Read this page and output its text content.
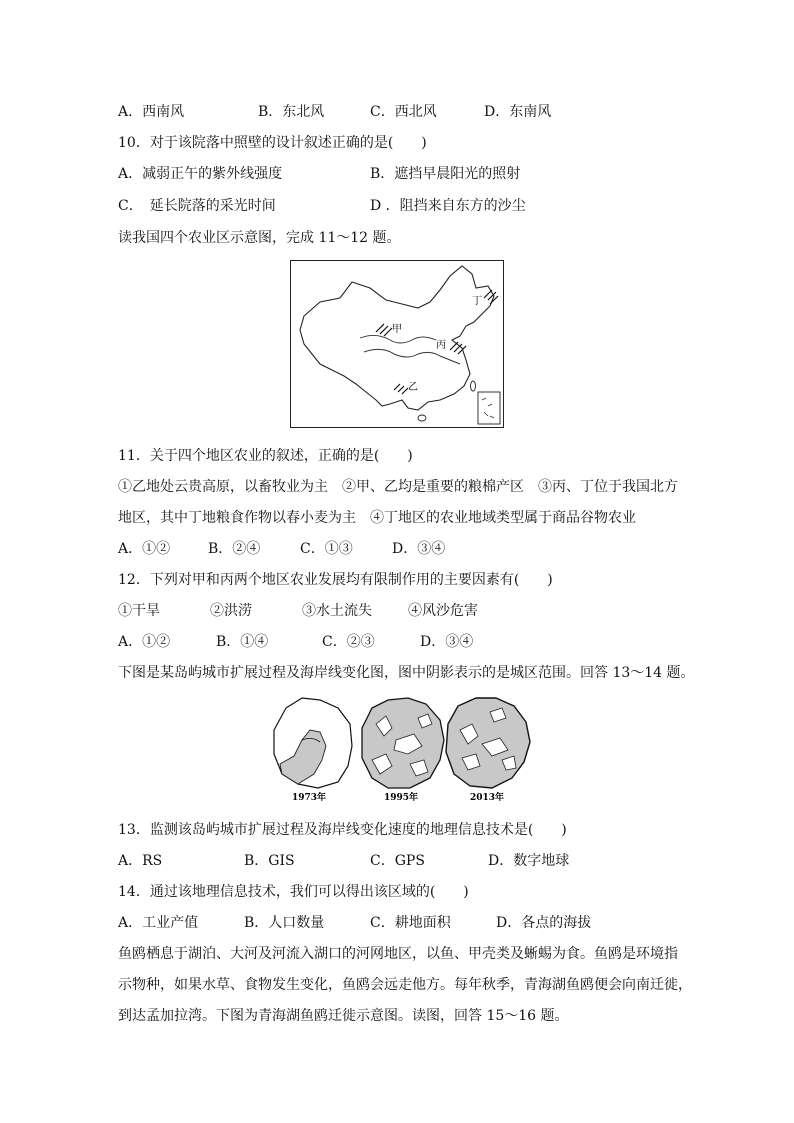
A．西南风	B．东北风	C．西北风	D．东南风
10．对于该院落中照壁的设计叙述正确的是(　　)
A．减弱正午的紫外线强度	B．遮挡早晨阳光的照射
C．　延长院落的采光时间	D ．阻挡来自东方的沙尘
读我国四个农业区示意图，完成 11～12 题。
甲
乙
丙
丁
11．关于四个地区农业的叙述，正确的是(　　)
①乙地处云贵高原，以畜牧业为主　②甲、乙均是重要的粮棉产区　③丙、丁位于我国北方
地区，其中丁地粮食作物以春小麦为主　④丁地区的农业地域类型属于商品谷物农业
A．①②	B．②④	C．①③	D．③④
12．下列对甲和丙两个地区农业发展均有限制作用的主要因素有(　　)
①干旱	②洪涝	③水土流失	④风沙危害
A．①②	B．①④	C．②③	D．③④
下图是某岛屿城市扩展过程及海岸线变化图，图中阴影表示的是城区范围。回答 13～14 题。
1973年	1995年	2013年
13．监测该岛屿城市扩展过程及海岸线变化速度的地理信息技术是(　　)
A．RS	B．GIS	C．GPS	D．数字地球
14．通过该地理信息技术，我们可以得出该区域的(　　)
A．工业产值	B．人口数量	C．耕地面积	D．各点的海拔
鱼鸥栖息于湖泊、大河及河流入湖口的河网地区，以鱼、甲壳类及蜥蜴为食。鱼鸥是环境指
示物种，如果水草、食物发生变化，鱼鸥会远走他方。每年秋季，青海湖鱼鸥便会向南迁徙，
到达孟加拉湾。下图为青海湖鱼鸥迁徙示意图。读图，回答 15～16 题。
